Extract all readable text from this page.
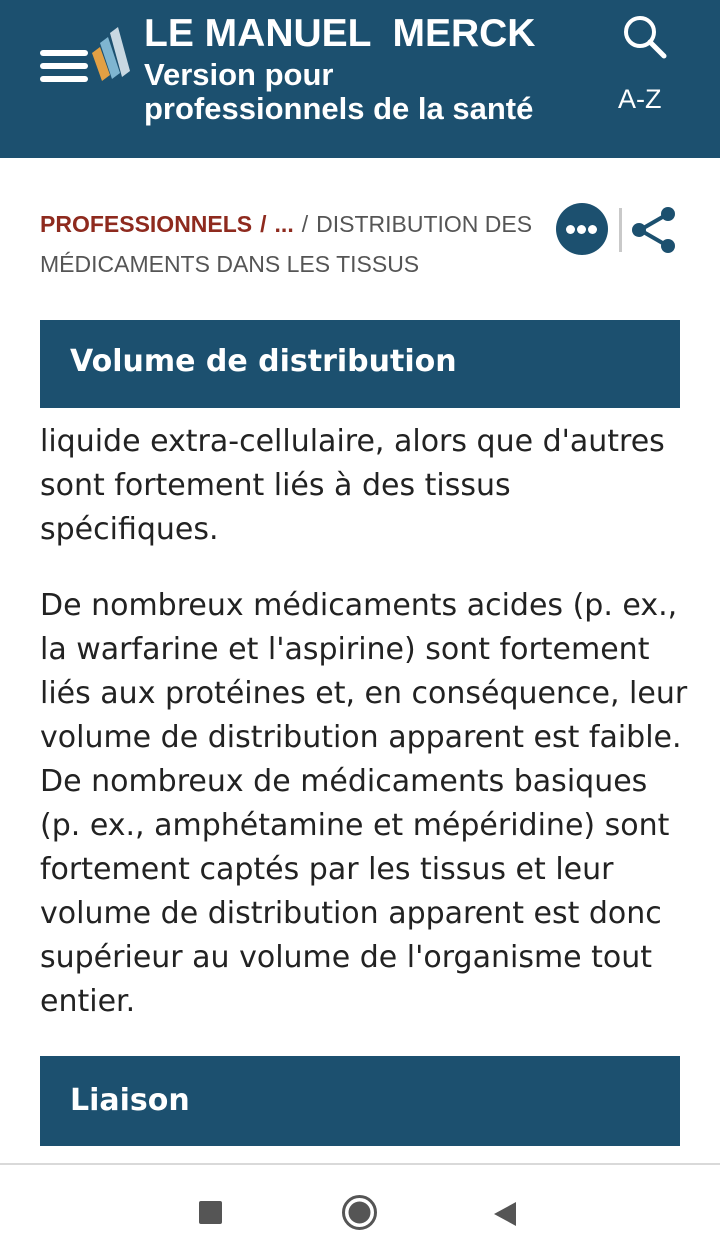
LE MANUEL  MERCK
Version pour
professionnels de la santé	A-Z
PROFESSIONNELS / ... / DISTRIBUTION DES MÉDICAMENTS DANS LES TISSUS
Volume de distribution

liquide extra-cellulaire, alors que d'autres sont fortement liés à des tissus spécifiques.

De nombreux médicaments acides (p. ex., la warfarine et l'aspirine) sont fortement liés aux protéines et, en conséquence, leur volume de distribution apparent est faible. De nombreux de médicaments basiques (p. ex., amphétamine et mépéridine) sont fortement captés par les tissus et leur volume de distribution apparent est donc supérieur au volume de l'organisme tout entier.

Liaison
